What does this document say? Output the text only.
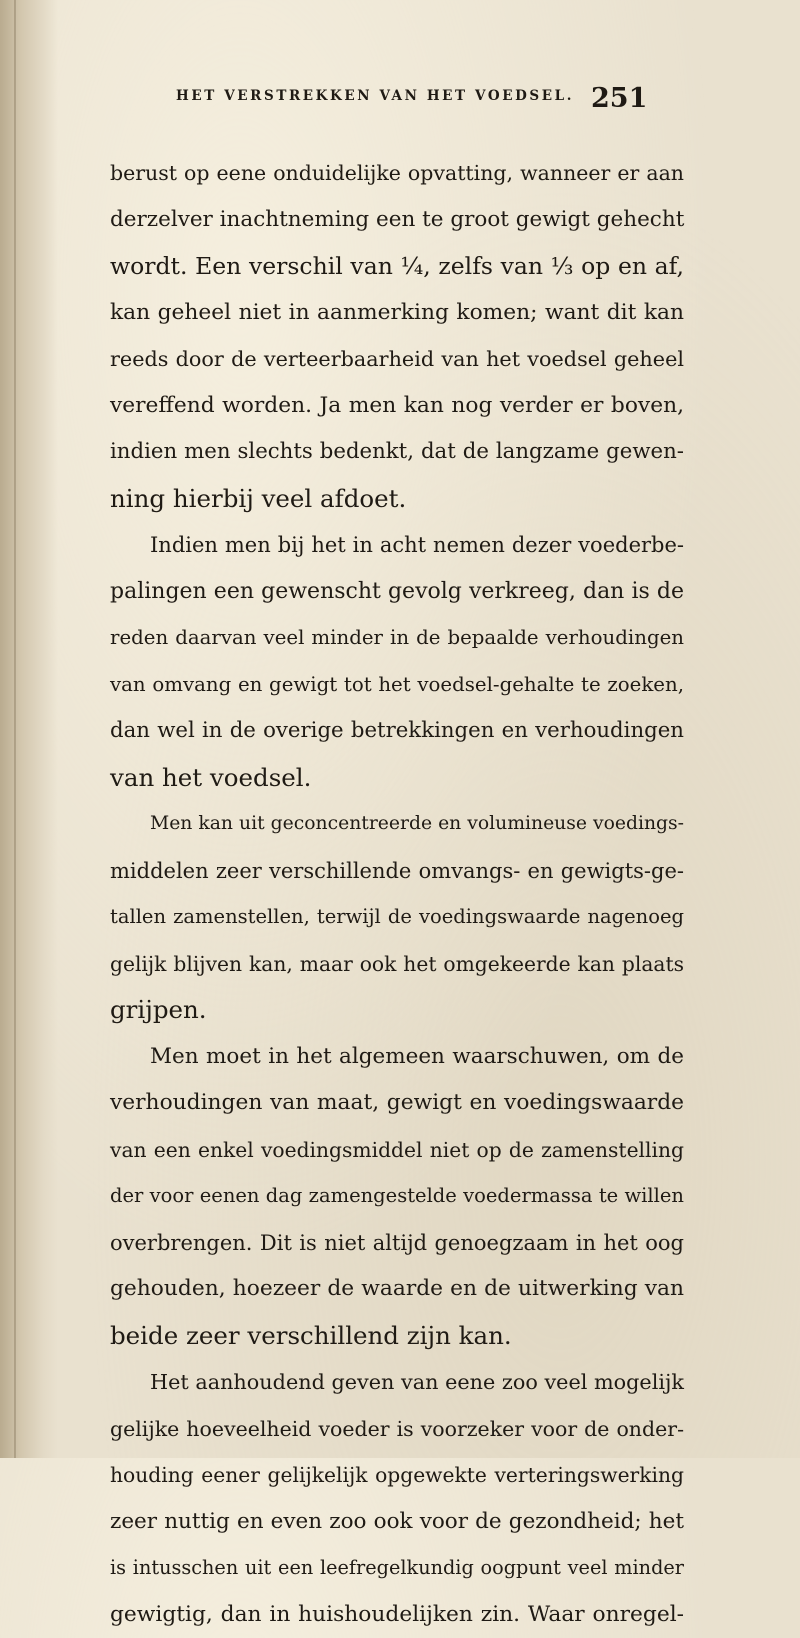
HET VERSTREKKEN VAN HET VOEDSEL. 251
berust op eene onduidelijke opvatting, wanneer er aan
derzelver inachtneming een te groot gewigt gehecht
wordt. Een verschil van ¼, zelfs van ⅓ op en af,
kan geheel niet in aanmerking komen; want dit kan
reeds door de verteerbaarheid van het voedsel geheel
vereffend worden. Ja men kan nog verder er boven,
indien men slechts bedenkt, dat de langzame gewen-
ning hierbij veel afdoet.
Indien men bij het in acht nemen dezer voederbe-
palingen een gewenscht gevolg verkreeg, dan is de
reden daarvan veel minder in de bepaalde verhoudingen
van omvang en gewigt tot het voedsel-gehalte te zoeken,
dan wel in de overige betrekkingen en verhoudingen
van het voedsel.
Men kan uit geconcentreerde en volumineuse voedings-
middelen zeer verschillende omvangs- en gewigts-ge-
tallen zamenstellen, terwijl de voedingswaarde nagenoeg
gelijk blijven kan, maar ook het omgekeerde kan plaats
grijpen.
Men moet in het algemeen waarschuwen, om de
verhoudingen van maat, gewigt en voedingswaarde
van een enkel voedingsmiddel niet op de zamenstelling
der voor eenen dag zamengestelde voedermassa te willen
overbrengen. Dit is niet altijd genoegzaam in het oog
gehouden, hoezeer de waarde en de uitwerking van
beide zeer verschillend zijn kan.
Het aanhoudend geven van eene zoo veel mogelijk
gelijke hoeveelheid voeder is voorzeker voor de onder-
houding eener gelijkelijk opgewekte verteringswerking
zeer nuttig en even zoo ook voor de gezondheid; het
is intusschen uit een leefregelkundig oogpunt veel minder
gewigtig, dan in huishoudelijken zin. Waar onregel-
